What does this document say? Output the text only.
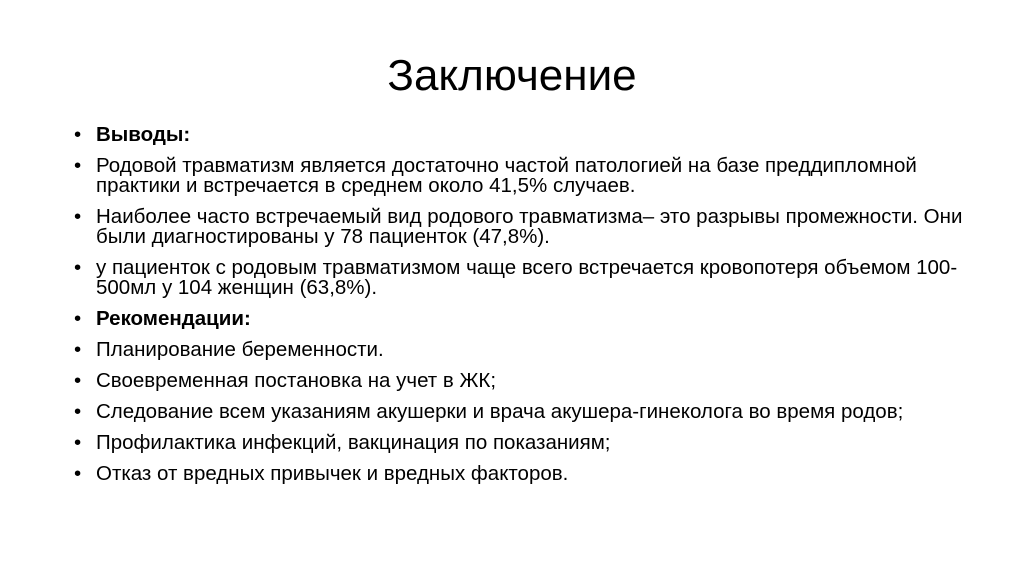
Заключение
• Выводы:
• Родовой травматизм является достаточно частой патологией на базе преддипломной практики и встречается в среднем около 41,5% случаев.
• Наиболее часто встречаемый вид родового травматизма– это разрывы промежности. Они были диагностированы у 78 пациенток (47,8%).
• у пациенток с родовым травматизмом чаще всего встречается кровопотеря объемом 100- 500мл у 104 женщин (63,8%).
• Рекомендации:
• Планирование беременности.
• Своевременная постановка на учет в ЖК;
• Следование всем указаниям акушерки и врача акушера-гинеколога во время родов;
• Профилактика инфекций, вакцинация по показаниям;
• Отказ от вредных привычек и вредных факторов.
